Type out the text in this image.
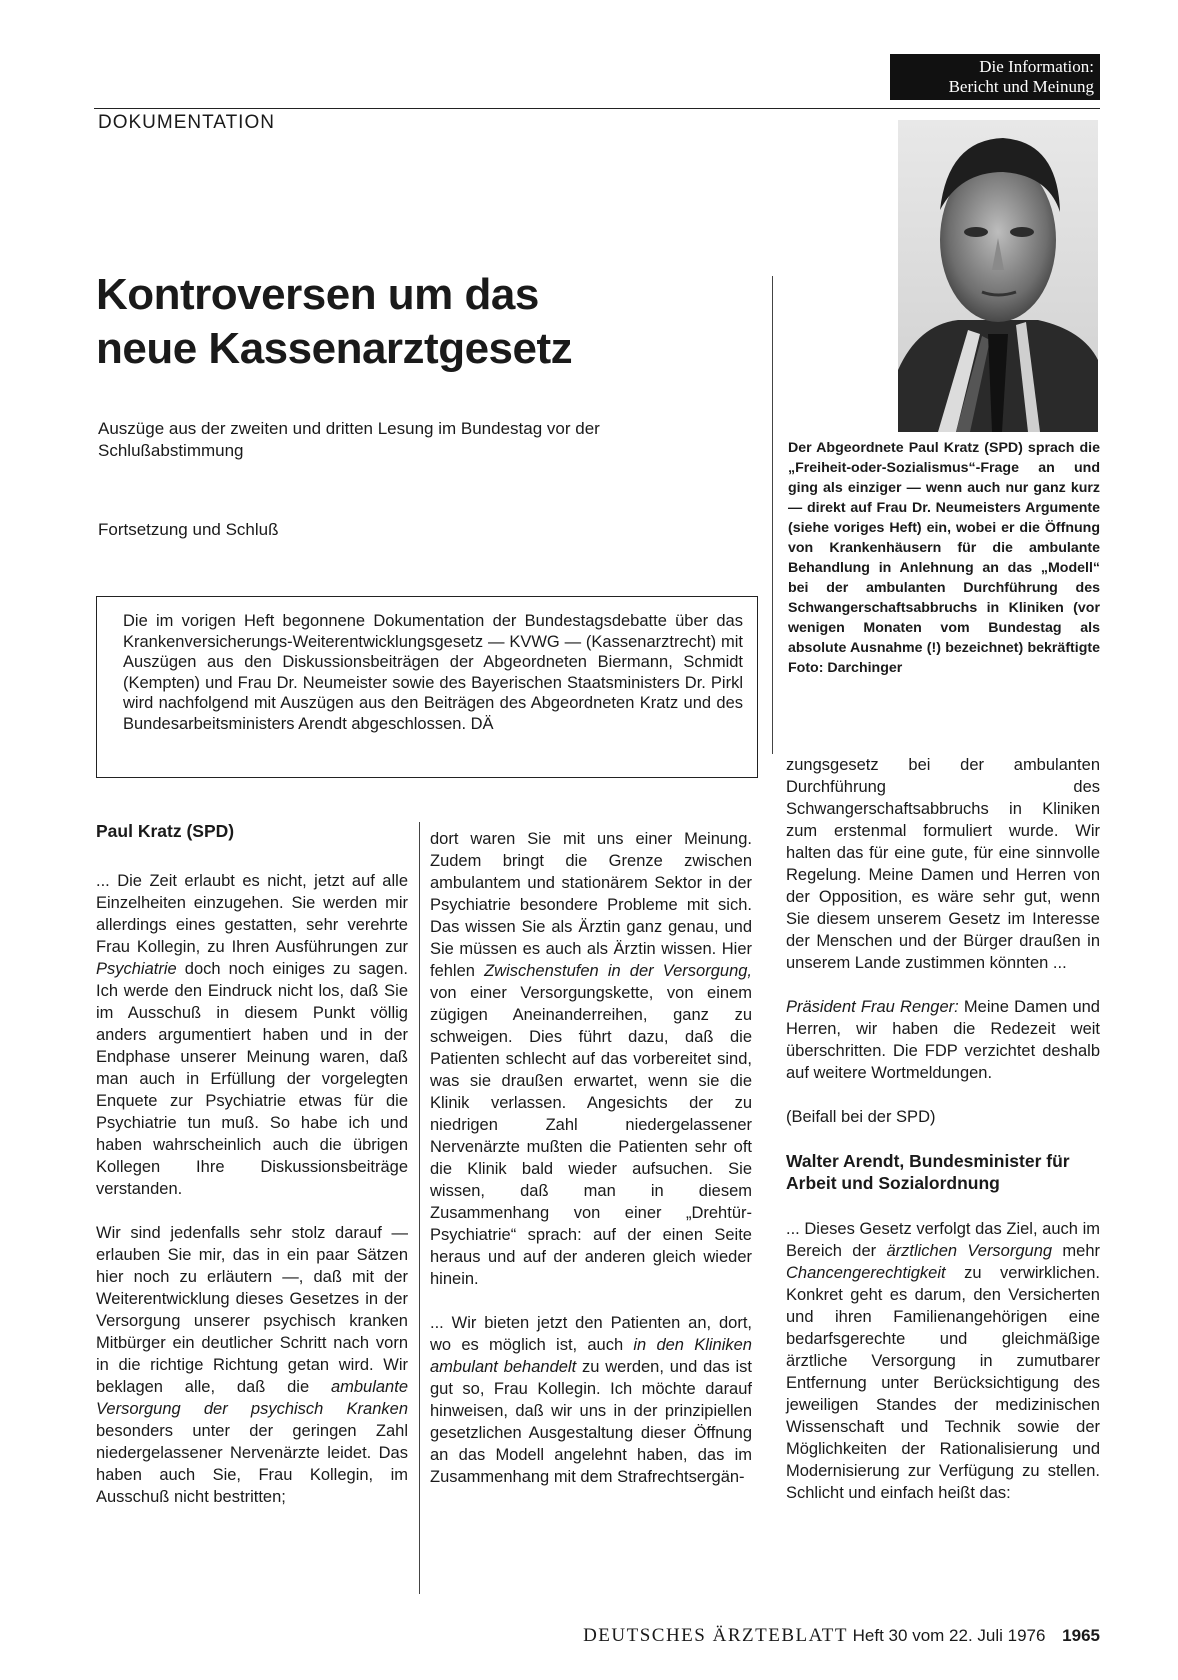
Die Information:
Bericht und Meinung
DOKUMENTATION
Kontroversen um das
neue Kassenarztgesetz
Auszüge aus der zweiten und dritten Lesung im Bundestag vor der Schlußabstimmung
Fortsetzung und Schluß
Die im vorigen Heft begonnene Dokumentation der Bundestagsdebatte über das Krankenversicherungs-Weiterentwicklungsgesetz — KVWG — (Kassenarztrecht) mit Auszügen aus den Diskussionsbeiträgen der Abgeordneten Biermann, Schmidt (Kempten) und Frau Dr. Neumeister sowie des Bayerischen Staatsministers Dr. Pirkl wird nachfolgend mit Auszügen aus den Beiträgen des Abgeordneten Kratz und des Bundesarbeitsministers Arendt abgeschlossen. DÄ
Der Abgeordnete Paul Kratz (SPD) sprach die „Freiheit-oder-Sozialismus“-Frage an und ging als einziger — wenn auch nur ganz kurz — direkt auf Frau Dr. Neumeisters Argumente (siehe voriges Heft) ein, wobei er die Öffnung von Krankenhäusern für die ambulante Behandlung in Anlehnung an das „Modell“ bei der ambulanten Durchführung des Schwangerschaftsabbruchs in Kliniken (vor wenigen Monaten vom Bundestag als absolute Ausnahme (!) bezeichnet) bekräftigte Foto: Darchinger
Paul Kratz (SPD)

... Die Zeit erlaubt es nicht, jetzt auf alle Einzelheiten einzugehen. Sie werden mir allerdings eines gestatten, sehr verehrte Frau Kollegin, zu Ihren Ausführungen zur Psychiatrie doch noch einiges zu sagen. Ich werde den Eindruck nicht los, daß Sie im Ausschuß in diesem Punkt völlig anders argumentiert haben und in der Endphase unserer Meinung waren, daß man auch in Erfüllung der vorgelegten Enquete zur Psychiatrie etwas für die Psychiatrie tun muß. So habe ich und haben wahrscheinlich auch die übrigen Kollegen Ihre Diskussionsbeiträge verstanden.

Wir sind jedenfalls sehr stolz darauf — erlauben Sie mir, das in ein paar Sätzen hier noch zu erläutern —, daß mit der Weiterentwicklung dieses Gesetzes in der Versorgung unserer psychisch kranken Mitbürger ein deutlicher Schritt nach vorn in die richtige Richtung getan wird. Wir beklagen alle, daß die ambulante Versorgung der psychisch Kranken besonders unter der geringen Zahl niedergelassener Nervenärzte leidet. Das haben auch Sie, Frau Kollegin, im Ausschuß nicht bestritten;

dort waren Sie mit uns einer Meinung. Zudem bringt die Grenze zwischen ambulantem und stationärem Sektor in der Psychiatrie besondere Probleme mit sich. Das wissen Sie als Ärztin ganz genau, und Sie müssen es auch als Ärztin wissen. Hier fehlen Zwischenstufen in der Versorgung, von einer Versorgungskette, von einem zügigen Aneinanderreihen, ganz zu schweigen. Dies führt dazu, daß die Patienten schlecht auf das vorbereitet sind, was sie draußen erwartet, wenn sie die Klinik verlassen. Angesichts der zu niedrigen Zahl niedergelassener Nervenärzte mußten die Patienten sehr oft die Klinik bald wieder aufsuchen. Sie wissen, daß man in diesem Zusammenhang von einer „Drehtür-Psychiatrie“ sprach: auf der einen Seite heraus und auf der anderen gleich wieder hinein.

... Wir bieten jetzt den Patienten an, dort, wo es möglich ist, auch in den Kliniken ambulant behandelt zu werden, und das ist gut so, Frau Kollegin. Ich möchte darauf hinweisen, daß wir uns in der prinzipiellen gesetzlichen Ausgestaltung dieser Öffnung an das Modell angelehnt haben, das im Zusammenhang mit dem Strafrechtsergän-

zungsgesetz bei der ambulanten Durchführung des Schwangerschaftsabbruchs in Kliniken zum erstenmal formuliert wurde. Wir halten das für eine gute, für eine sinnvolle Regelung. Meine Damen und Herren von der Opposition, es wäre sehr gut, wenn Sie diesem unserem Gesetz im Interesse der Menschen und der Bürger draußen in unserem Lande zustimmen könnten ...

Präsident Frau Renger: Meine Damen und Herren, wir haben die Redezeit weit überschritten. Die FDP verzichtet deshalb auf weitere Wortmeldungen.

(Beifall bei der SPD)

Walter Arendt, Bundesminister für Arbeit und Sozialordnung

... Dieses Gesetz verfolgt das Ziel, auch im Bereich der ärztlichen Versorgung mehr Chancengerechtigkeit zu verwirklichen. Konkret geht es darum, den Versicherten und ihren Familienangehörigen eine bedarfsgerechte und gleichmäßige ärztliche Versorgung in zumutbarer Entfernung unter Berücksichtigung des jeweiligen Standes der medizinischen Wissenschaft und Technik sowie der Möglichkeiten der Rationalisierung und Modernisierung zur Verfügung zu stellen. Schlicht und einfach heißt das:

DEUTSCHES ÄRZTEBLATT Heft 30 vom 22. Juli 1976 1965
